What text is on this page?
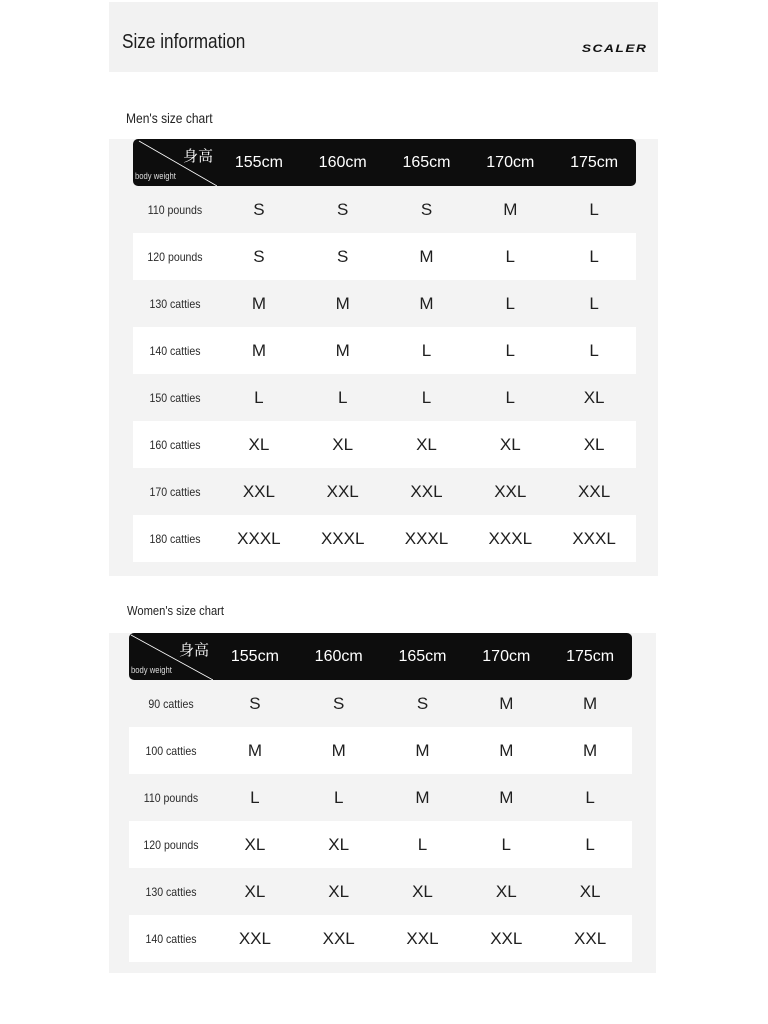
Size information	SCALER
Men's size chart
身高
body weight
155cm	160cm	165cm	170cm	175cm
110 pounds	S	S	S	M	L
120 pounds	S	S	M	L	L
130 catties	M	M	M	L	L
140 catties	M	M	L	L	L
150 catties	L	L	L	L	XL
160 catties	XL	XL	XL	XL	XL
170 catties	XXL	XXL	XXL	XXL	XXL
180 catties	XXXL	XXXL	XXXL	XXXL	XXXL
Women's size chart
身高
body weight
155cm	160cm	165cm	170cm	175cm
90 catties	S	S	S	M	M
100 catties	M	M	M	M	M
110 pounds	L	L	M	M	L
120 pounds	XL	XL	L	L	L
130 catties	XL	XL	XL	XL	XL
140 catties	XXL	XXL	XXL	XXL	XXL
